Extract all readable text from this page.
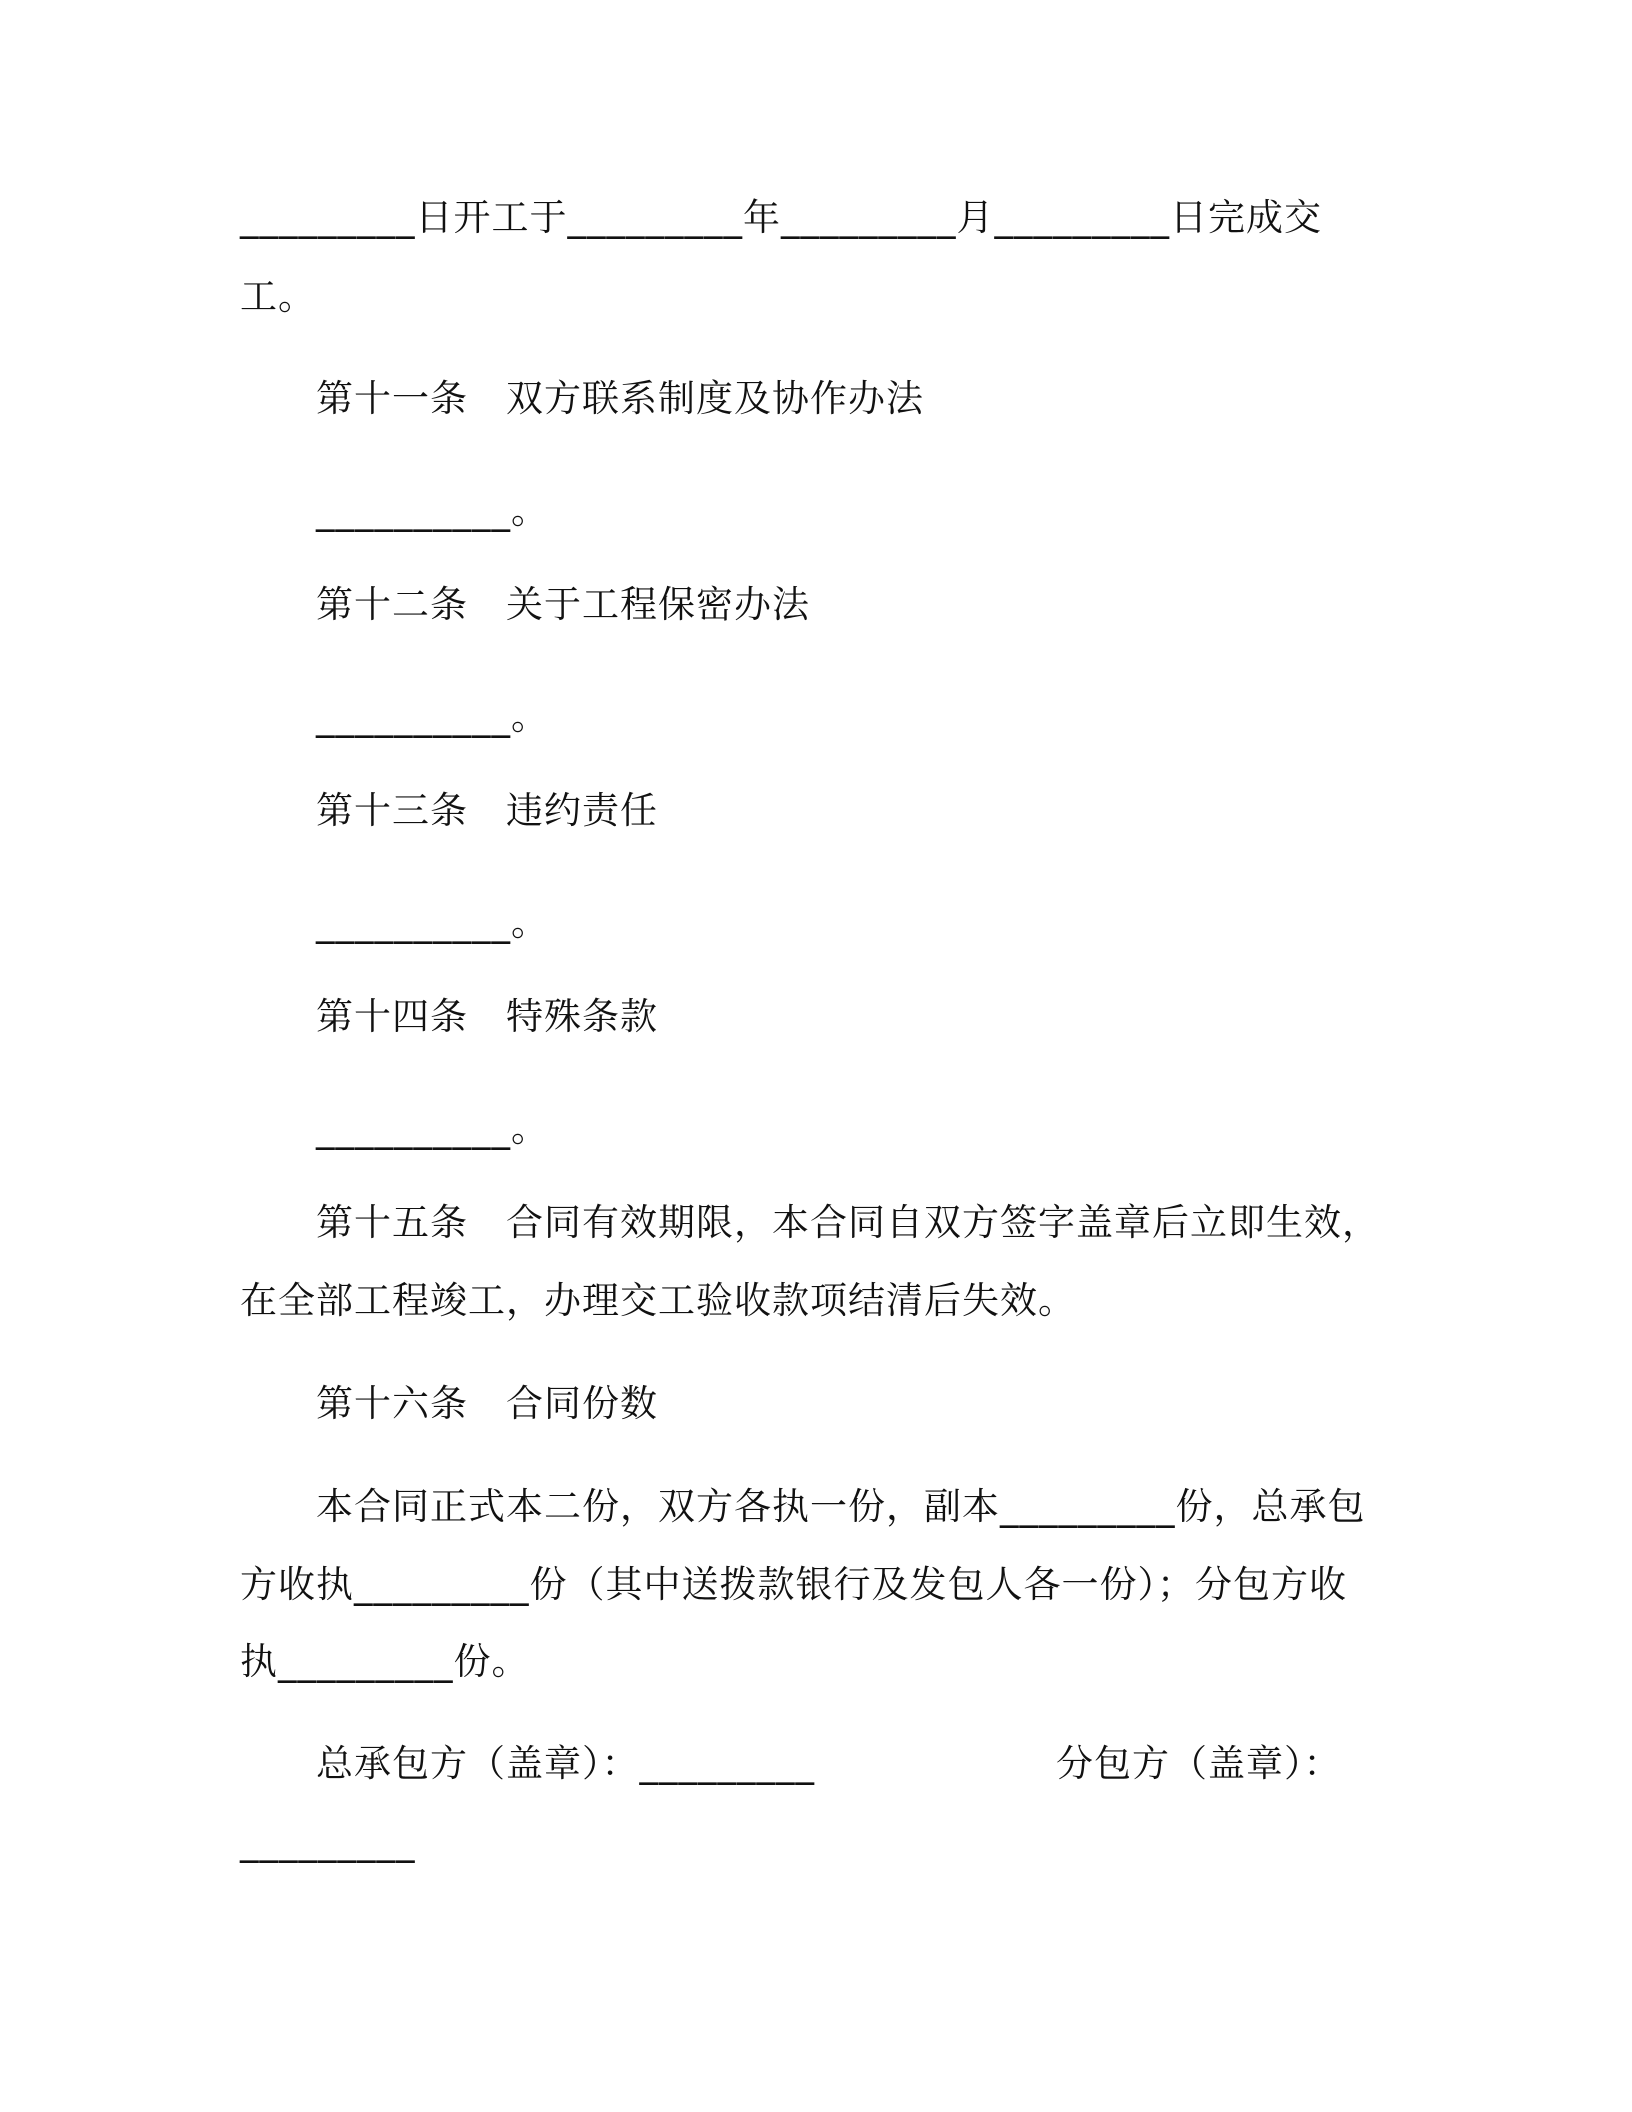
_________日开工于_________年_________月_________日完成交
工。
第十一条　双方联系制度及协作办法
__________。
第十二条　关于工程保密办法
__________。
第十三条　违约责任
__________。
第十四条　特殊条款
__________。
第十五条　合同有效期限，本合同自双方签字盖章后立即生效，
在全部工程竣工，办理交工验收款项结清后失效。
第十六条　合同份数
本合同正式本二份，双方各执一份，副本_________份，总承包
方收执_________份（其中送拨款银行及发包人各一份）；分包方收
执_________份。
总承包方（盖章）：_________	分包方（盖章）：
_________
